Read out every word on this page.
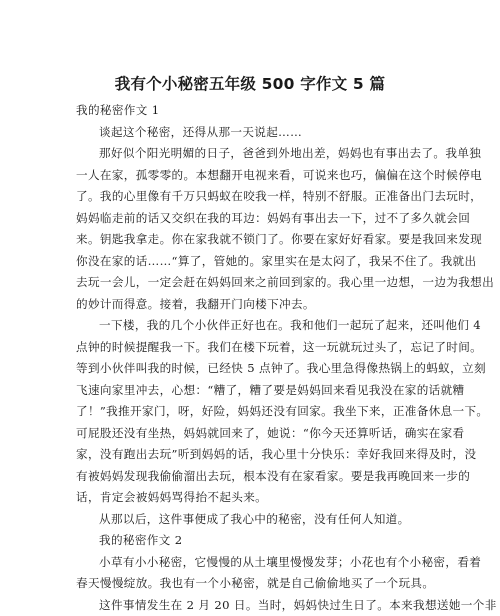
我有个小秘密五年级 500 字作文 5 篇
我的秘密作文 1
谈起这个秘密，还得从那一天说起……
那好似个阳光明媚的日子，爸爸到外地出差，妈妈也有事出去了。我单独
一人在家，孤零零的。本想翻开电视来看，可说来也巧，偏偏在这个时候停电
了。我的心里像有千万只蚂蚁在咬我一样，特别不舒服。正准备出门去玩时，
妈妈临走前的话又交织在我的耳边：妈妈有事出去一下，过不了多久就会回
来。钥匙我拿走。你在家我就不锁门了。你要在家好好看家。要是我回来发现
你没在家的话……“算了，管她的。家里实在是太闷了，我呆不住了。我就出
去玩一会儿，一定会赶在妈妈回来之前回到家的。我心里一边想，一边为我想出
的妙计而得意。接着，我翻开门向楼下冲去。
一下楼，我的几个小伙伴正好也在。我和他们一起玩了起来，还叫他们 4
点钟的时候提醒我一下。我们在楼下玩着，这一玩就玩过头了，忘记了时间。
等到小伙伴叫我的时候，已经快 5 点钟了。我心里急得像热锅上的蚂蚁，立刻
飞速向家里冲去，心想：“糟了，糟了要是妈妈回来看见我没在家的话就糟
了！”我推开家门，呀，好险，妈妈还没有回家。我坐下来，正准备休息一下。
可屁股还没有坐热，妈妈就回来了，她说：“你今天还算听话，确实在家看
家，没有跑出去玩”听到妈妈的话，我心里十分快乐：幸好我回来得及时，没
有被妈妈发现我偷偷溜出去玩，根本没有在家看家。要是我再晚回来一步的
话，肯定会被妈妈骂得抬不起头来。
从那以后，这件事便成了我心中的秘密，没有任何人知道。
我的秘密作文 2
小草有小小秘密，它慢慢的从土壤里慢慢发芽；小花也有个小秘密，看着
春天慢慢绽放。我也有一个小秘密，就是自己偷偷地买了一个玩具。
这件事情发生在 2 月 20 日。当时，妈妈快过生日了。本来我想送她一个非
